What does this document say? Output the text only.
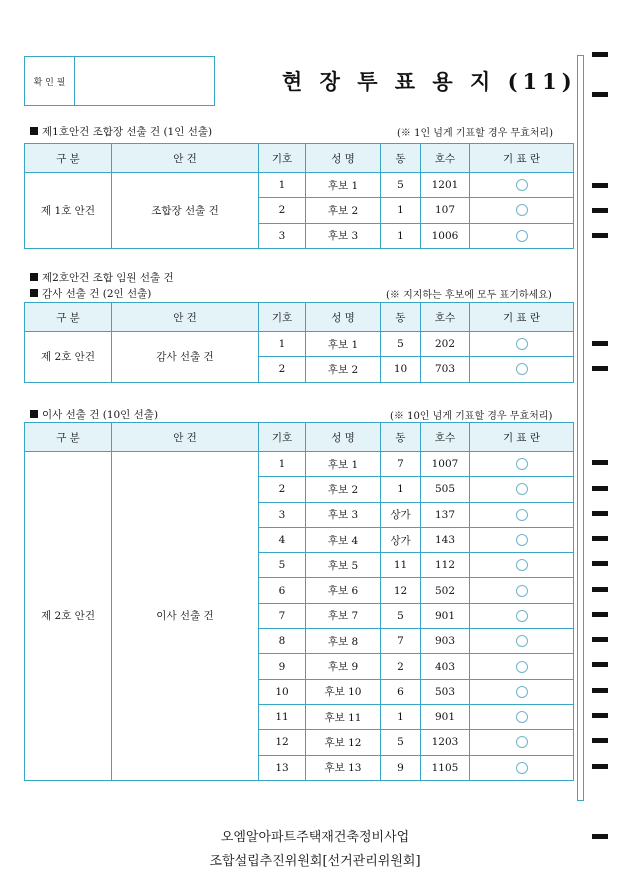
확 인 필	현 장 투 표 용 지 (11)
제1호안건 조합장 선출 건 (1인 선출)	(※ 1인 넘게 기표할 경우 무효처리)
구 분	안 건	기호	성 명	동	호수	기 표 란
제 1호 안건	조합장 선출 건	1	후보 1	5	1201	
		2	후보 2	1	107	
		3	후보 3	1	1006	
제2호안건 조합 임원 선출 건
감사 선출 건 (2인 선출)	(※ 지지하는 후보에 모두 표기하세요)
구 분	안 건	기호	성 명	동	호수	기 표 란
제 2호 안건	감사 선출 건	1	후보 1	5	202	
		2	후보 2	10	703	
이사 선출 건 (10인 선출)	(※ 10인 넘게 기표할 경우 무효처리)
구 분	안 건	기호	성 명	동	호수	기 표 란
제 2호 안건	이사 선출 건	1	후보 1	7	1007	
		2	후보 2	1	505	
		3	후보 3	상가	137	
		4	후보 4	상가	143	
		5	후보 5	11	112	
		6	후보 6	12	502	
		7	후보 7	5	901	
		8	후보 8	7	903	
		9	후보 9	2	403	
		10	후보 10	6	503	
		11	후보 11	1	901	
		12	후보 12	5	1203	
		13	후보 13	9	1105	
오엠알아파트주택재건축정비사업
조합설립추진위원회[선거관리위원회]
